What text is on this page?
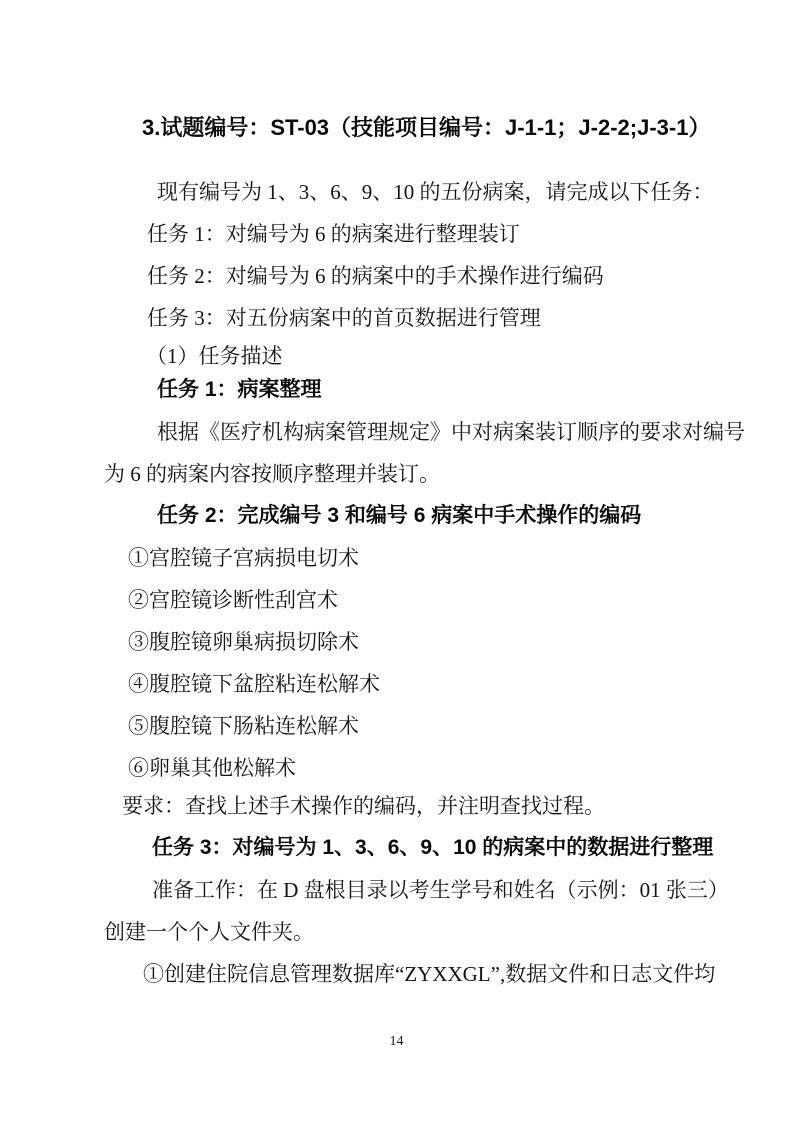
3.试题编号：ST-03（技能项目编号：J-1-1；J-2-2;J-3-1）

现有编号为 1、3、6、9、10 的五份病案，请完成以下任务：

任务 1：对编号为 6 的病案进行整理装订

任务 2：对编号为 6 的病案中的手术操作进行编码

任务 3：对五份病案中的首页数据进行管理

（1）任务描述

任务 1：病案整理

根据《医疗机构病案管理规定》中对病案装订顺序的要求对编号

为 6 的病案内容按顺序整理并装订。

任务 2：完成编号 3 和编号 6 病案中手术操作的编码

①宫腔镜子宫病损电切术

②宫腔镜诊断性刮宫术

③腹腔镜卵巢病损切除术

④腹腔镜下盆腔粘连松解术

⑤腹腔镜下肠粘连松解术

⑥卵巢其他松解术

要求：查找上述手术操作的编码，并注明查找过程。

任务 3：对编号为 1、3、6、9、10 的病案中的数据进行整理

准备工作：在 D 盘根目录以考生学号和姓名（示例：01 张三）

创建一个个人文件夹。

①创建住院信息管理数据库“ZYXXGL”,数据文件和日志文件均

14
